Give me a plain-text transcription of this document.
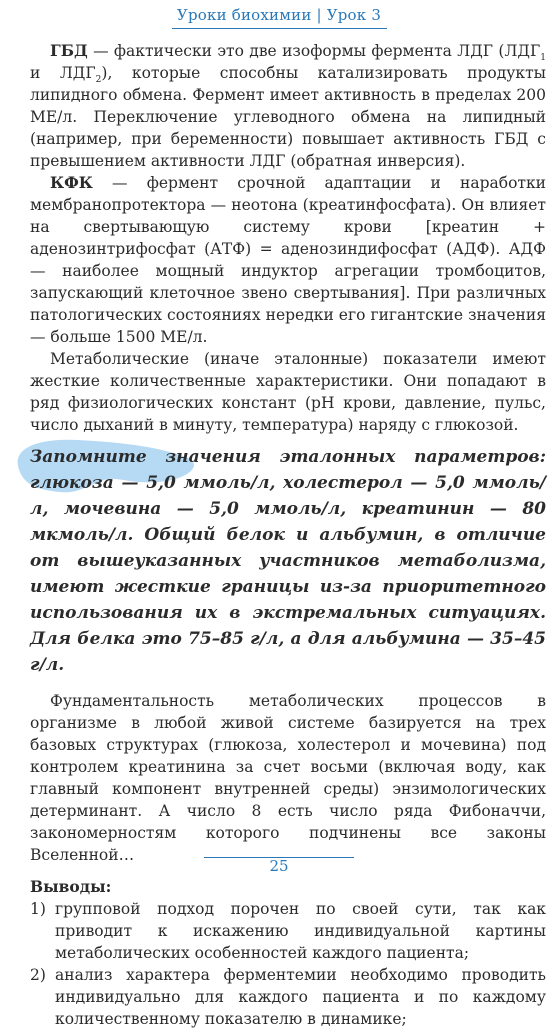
Уроки биохимии | Урок 3

ГБД — фактически это две изоформы фермента ЛДГ ($ЛДГ_1$ и $ЛДГ_2$), которые способны катализировать продукты липидного обмена. Фермент имеет активность в пределах 200 МЕ/л. Переключение углеводного обмена на липидный (например, при беременности) повышает активность ГБД с превышением активности ЛДГ (обратная инверсия).

КФК — фермент срочной адаптации и наработки мембранопротектора — неотона (креатинфосфата). Он влияет на свертывающую систему крови [креатин + аденозинтрифосфат (АТФ) = аденозиндифосфат (АДФ). АДФ — наиболее мощный индуктор агрегации тромбоцитов, запускающий клеточное звено свертывания]. При различных патологических состояниях нередки его гигантские значения — больше 1500 МЕ/л.

Метаболические (иначе эталонные) показатели имеют жесткие количественные характеристики. Они попадают в ряд физиологических констант (pH крови, давление, пульс, число дыханий в минуту, температура) наряду с глюкозой.

Запомните значения эталонных параметров: глюкоза — 5,0 ммоль/л, холестерол — 5,0 ммоль/л, мочевина — 5,0 ммоль/л, креатинин — 80 мкмоль/л. Общий белок и альбумин, в отличие от вышеуказанных участников метаболизма, имеют жесткие границы из-за приоритетного использования их в экстремальных ситуациях. Для белка это 75–85 г/л, а для альбумина — 35–45 г/л.

Фундаментальность метаболических процессов в организме в любой живой системе базируется на трех базовых структурах (глюкоза, холестерол и мочевина) под контролем креатинина за счет восьми (включая воду, как главный компонент внутренней среды) энзимологических детерминант. А число 8 есть число ряда Фибоначчи, закономерностям которого подчинены все законы Вселенной…

Выводы:

1) групповой подход порочен по своей сути, так как приводит к искажению индивидуальной картины метаболических особенностей каждого пациента;
2) анализ характера ферментемии необходимо проводить индивидуально для каждого пациента и по каждому количественному показателю в динамике;
25
